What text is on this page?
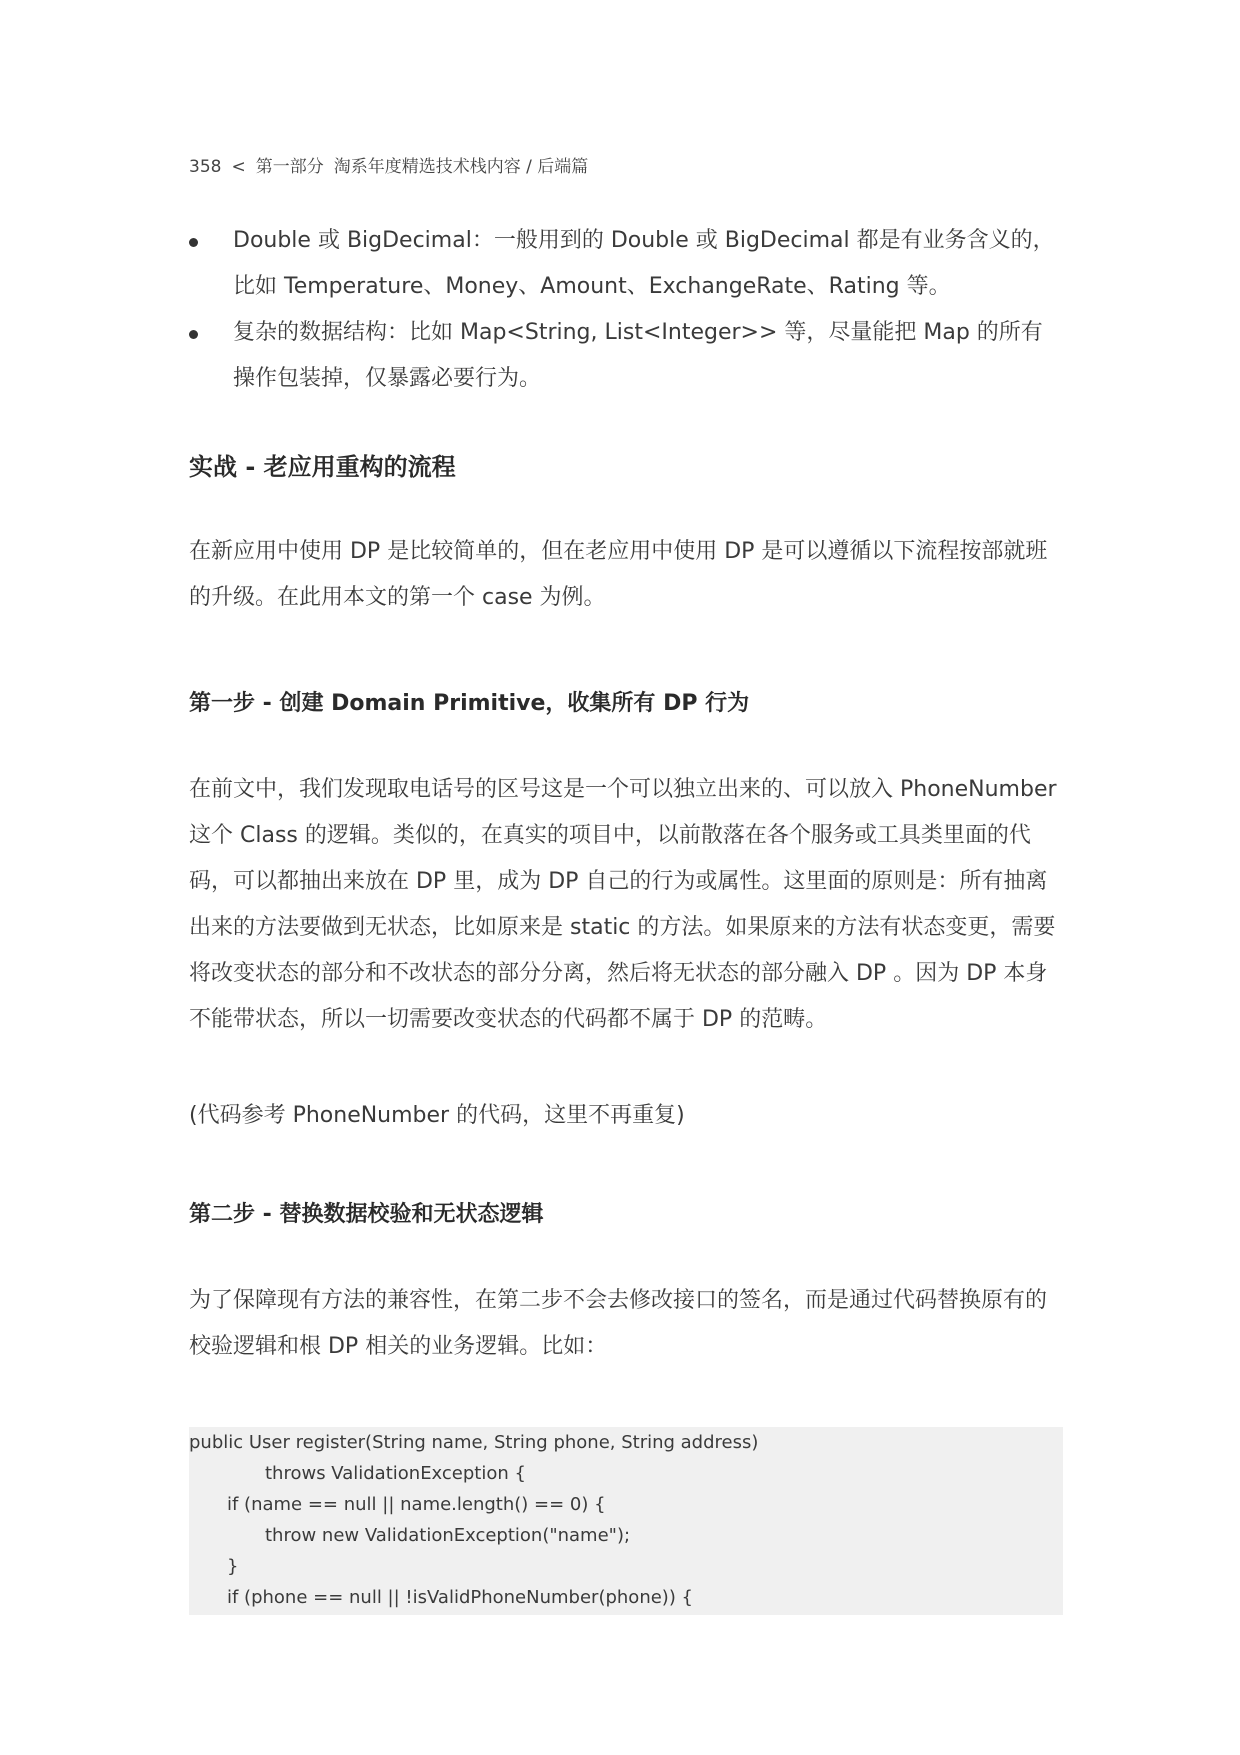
358 < 第一部分 淘系年度精选技术栈内容 / 后端篇
Double 或 BigDecimal：一般用到的 Double 或 BigDecimal 都是有业务含义的，比如 Temperature、Money、Amount、ExchangeRate、Rating 等。
复杂的数据结构：比如 Map<String, List<Integer>> 等，尽量能把 Map 的所有操作包装掉，仅暴露必要行为。
实战 - 老应用重构的流程

在新应用中使用 DP 是比较简单的，但在老应用中使用 DP 是可以遵循以下流程按部就班的升级。在此用本文的第一个 case 为例。

第一步 - 创建 Domain Primitive，收集所有 DP 行为

在前文中，我们发现取电话号的区号这是一个可以独立出来的、可以放入 PhoneNumber 这个 Class 的逻辑。类似的，在真实的项目中，以前散落在各个服务或工具类里面的代码，可以都抽出来放在 DP 里，成为 DP 自己的行为或属性。这里面的原则是：所有抽离出来的方法要做到无状态，比如原来是 static 的方法。如果原来的方法有状态变更，需要将改变状态的部分和不改状态的部分分离，然后将无状态的部分融入 DP 。因为 DP 本身不能带状态，所以一切需要改变状态的代码都不属于 DP 的范畴。

(代码参考 PhoneNumber 的代码，这里不再重复)

第二步 - 替换数据校验和无状态逻辑

为了保障现有方法的兼容性，在第二步不会去修改接口的签名，而是通过代码替换原有的校验逻辑和根 DP 相关的业务逻辑。比如：

public User register(String name, String phone, String address)
throws ValidationException {
if (name == null || name.length() == 0) {
throw new ValidationException("name");
}
if (phone == null || !isValidPhoneNumber(phone)) {
